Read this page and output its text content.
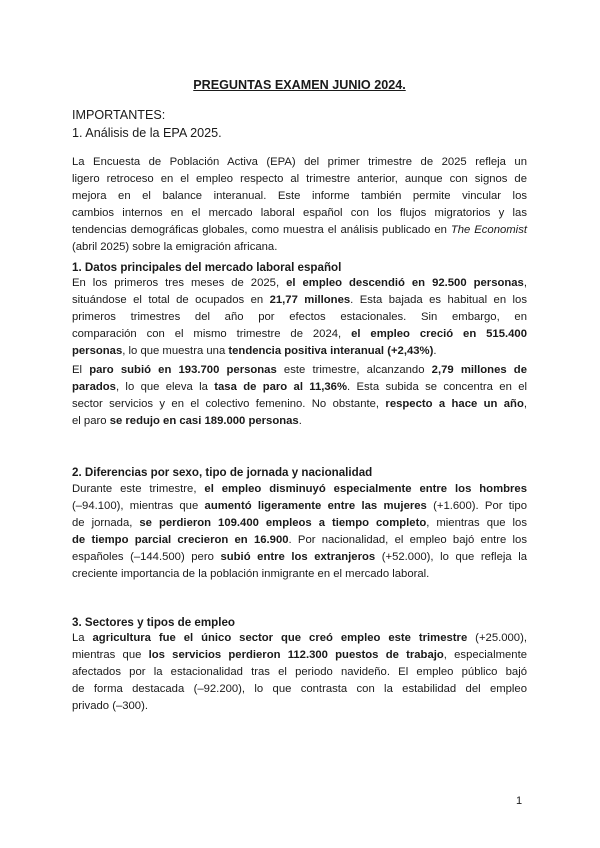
PREGUNTAS EXAMEN JUNIO 2024.
IMPORTANTES:
1. Análisis de la EPA 2025.
La Encuesta de Población Activa (EPA) del primer trimestre de 2025 refleja un
ligero retroceso en el empleo respecto al trimestre anterior, aunque con signos de
mejora en el balance interanual. Este informe también permite vincular los
cambios internos en el mercado laboral español con los flujos migratorios y las
tendencias demográficas globales, como muestra el análisis publicado en The Economist
(abril 2025) sobre la emigración africana.
1. Datos principales del mercado laboral español
En los primeros tres meses de 2025, el empleo descendió en 92.500 personas,
situándose el total de ocupados en 21,77 millones. Esta bajada es habitual en los
primeros trimestres del año por efectos estacionales. Sin embargo, en
comparación con el mismo trimestre de 2024, el empleo creció en 515.400
personas, lo que muestra una tendencia positiva interanual (+2,43%).
El paro subió en 193.700 personas este trimestre, alcanzando 2,79 millones de
parados, lo que eleva la tasa de paro al 11,36%. Esta subida se concentra en el
sector servicios y en el colectivo femenino. No obstante, respecto a hace un año,
el paro se redujo en casi 189.000 personas.
2. Diferencias por sexo, tipo de jornada y nacionalidad
Durante este trimestre, el empleo disminuyó especialmente entre los hombres
(–94.100), mientras que aumentó ligeramente entre las mujeres (+1.600). Por tipo
de jornada, se perdieron 109.400 empleos a tiempo completo, mientras que los
de tiempo parcial crecieron en 16.900. Por nacionalidad, el empleo bajó entre los
españoles (–144.500) pero subió entre los extranjeros (+52.000), lo que refleja la
creciente importancia de la población inmigrante en el mercado laboral.
3. Sectores y tipos de empleo
La agricultura fue el único sector que creó empleo este trimestre (+25.000),
mientras que los servicios perdieron 112.300 puestos de trabajo, especialmente
afectados por la estacionalidad tras el periodo navideño. El empleo público bajó
de forma destacada (–92.200), lo que contrasta con la estabilidad del empleo
privado (–300).
1
